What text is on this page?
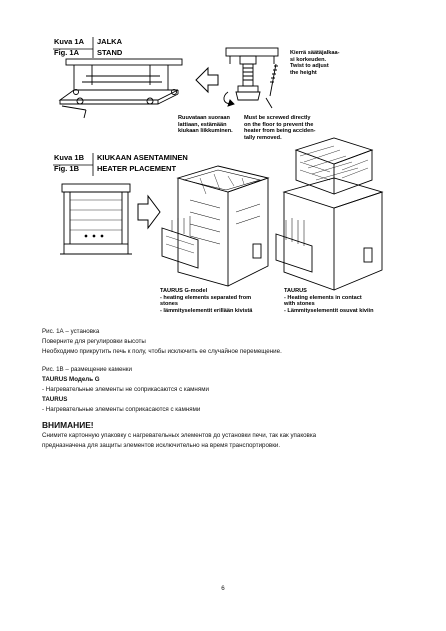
Kuva 1A
Fig. 1A
JALKA
STAND	Kierrä säätäjalkaa-
si korkeuden.
Twist to adjust
the height
Ruuvataan suoraan
lattiaan, estämään
kiukaan liikkuminen.
Must be screwed directly
on the floor to prevent the
heater from being acciden-
tally removed.
Kuva 1B
Fig. 1B
KIUKAAN ASENTAMINEN
HEATER PLACEMENT
TAURUS G-model
- heating elements separated from
stones
- lämmityselementit erillään kivistä
TAURUS
- Heating elements in contact
with stones
- Lämmityselementit osuvat kiviin
Рис. 1А – установка
Поверните для регулировки высоты
Необходимо прикрутить печь к полу, чтобы исключить ее случайное перемещение.
Рис. 1B – размещение каменки
TAURUS Модель G
- Нагревательные элементы не соприкасаются с камнями
TAURUS
- Нагревательные элементы соприкасаются с камнями
ВНИМАНИЕ!
Снимите картонную упаковку с нагревательных элементов до установки печи, так как упаковка
предназначена для защиты элементов исключительно на время транспортировки.
6
